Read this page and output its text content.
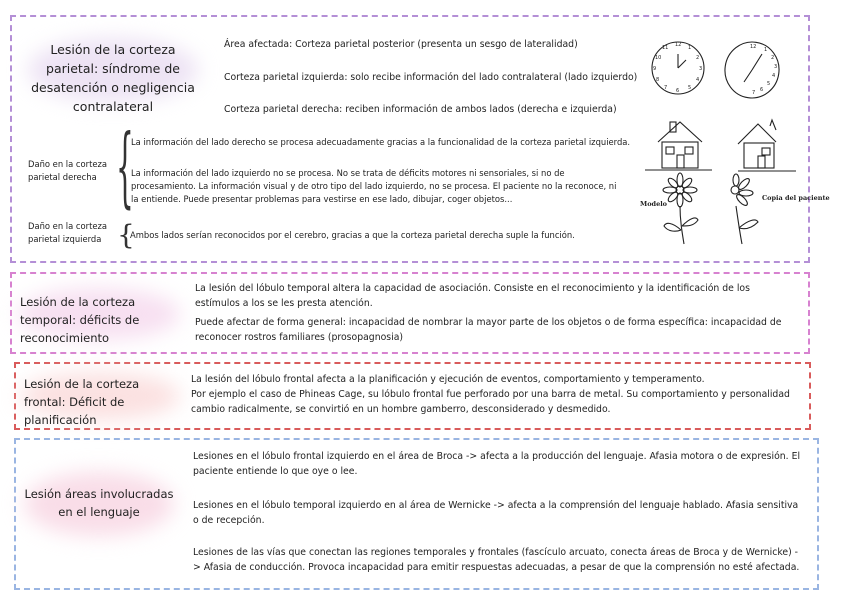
Lesión de la corteza parietal: síndrome de desatención o negligencia contralateral
Área afectada: Corteza parietal posterior (presenta un sesgo de lateralidad)
Corteza parietal izquierda: solo recibe información del lado contralateral (lado izquierdo)
Corteza parietal derecha: reciben información de ambos lados (derecha e izquierda)
Daño en la corteza parietal derecha {
La información del lado derecho se procesa adecuadamente gracias a la funcionalidad de la corteza parietal izquierda.
La información del lado izquierdo no se procesa. No se trata de déficits motores ni sensoriales, si no de procesamiento. La información visual y de otro tipo del lado izquierdo, no se procesa. El paciente no la reconoce, ni la entiende. Puede presentar problemas para vestirse en ese lado, dibujar, coger objetos...
Daño en la corteza parietal izquierda {
Ambos lados serían reconocidos por el cerebro, gracias a que la corteza parietal derecha suple la función.
12 1
2
3
4
5
6
7
8
9
10
11	12 1
2
3
4
5
6
7
Modelo
Copia del paciente
Lesión de la corteza temporal: déficits de reconocimiento
La lesión del lóbulo temporal altera la capacidad de asociación. Consiste en el reconocimiento y la identificación de los estímulos a los se les presta atención.
Puede afectar de forma general: incapacidad de nombrar la mayor parte de los objetos o de forma específica: incapacidad de reconocer rostros familiares (prosopagnosia)
Lesión de la corteza frontal: Déficit de planificación
La lesión del lóbulo frontal afecta a la planificación y ejecución de eventos, comportamiento y temperamento.
Por ejemplo el caso de Phineas Cage, su lóbulo frontal fue perforado por una barra de metal. Su comportamiento y personalidad cambio radicalmente, se convirtió en un hombre gamberro, desconsiderado y desmedido.
Lesión áreas involucradas en el lenguaje
Lesiones en el lóbulo frontal izquierdo en el área de Broca -> afecta a la producción del lenguaje. Afasia motora o de expresión. El paciente entiende lo que oye o lee.
Lesiones en el lóbulo temporal izquierdo en al área de Wernicke -> afecta a la comprensión del lenguaje hablado. Afasia sensitiva o de recepción.
Lesiones de las vías que conectan las regiones temporales y frontales (fascículo arcuato, conecta áreas de Broca y de Wernicke) -> Afasia de conducción. Provoca incapacidad para emitir respuestas adecuadas, a pesar de que la comprensión no esté afectada.
